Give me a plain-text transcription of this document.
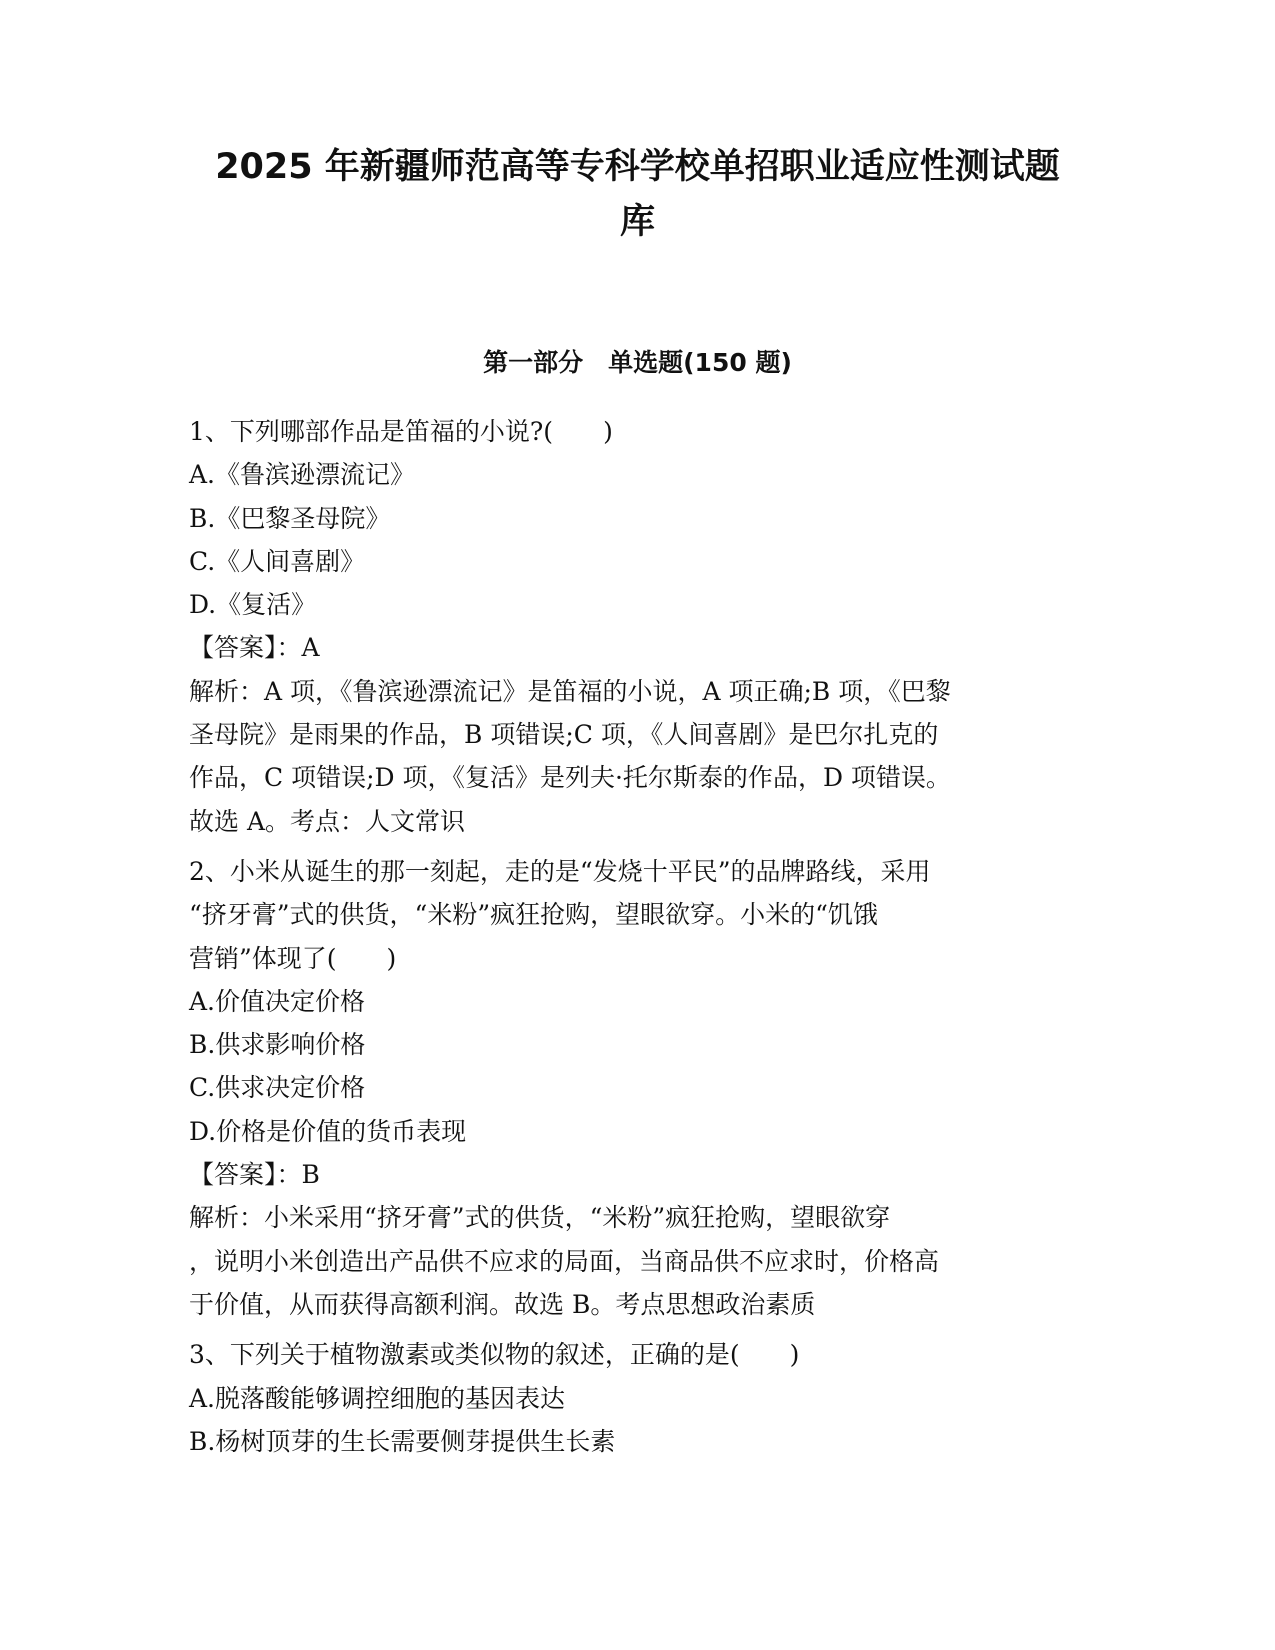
2025 年新疆师范高等专科学校单招职业适应性测试题
库
第一部分　单选题(150 题)
1、下列哪部作品是笛福的小说?(　　)
A.《鲁滨逊漂流记》
B.《巴黎圣母院》
C.《人间喜剧》
D.《复活》
【答案】：A
解析：A 项，《鲁滨逊漂流记》是笛福的小说，A 项正确;B 项，《巴黎
圣母院》是雨果的作品，B 项错误;C 项，《人间喜剧》是巴尔扎克的
作品，C 项错误;D 项，《复活》是列夫·托尔斯泰的作品，D 项错误。
故选 A。考点：人文常识
2、小米从诞生的那一刻起，走的是“发烧十平民”的品牌路线，采用
“挤牙膏”式的供货，“米粉”疯狂抢购，望眼欲穿。小米的“饥饿
营销”体现了(　　)
A.价值决定价格
B.供求影响价格
C.供求决定价格
D.价格是价值的货币表现
【答案】：B
解析：小米采用“挤牙膏”式的供货，“米粉”疯狂抢购，望眼欲穿
，说明小米创造出产品供不应求的局面，当商品供不应求时，价格高
于价值，从而获得高额利润。故选 B。考点思想政治素质
3、下列关于植物激素或类似物的叙述，正确的是(　　)
A.脱落酸能够调控细胞的基因表达
B.杨树顶芽的生长需要侧芽提供生长素
